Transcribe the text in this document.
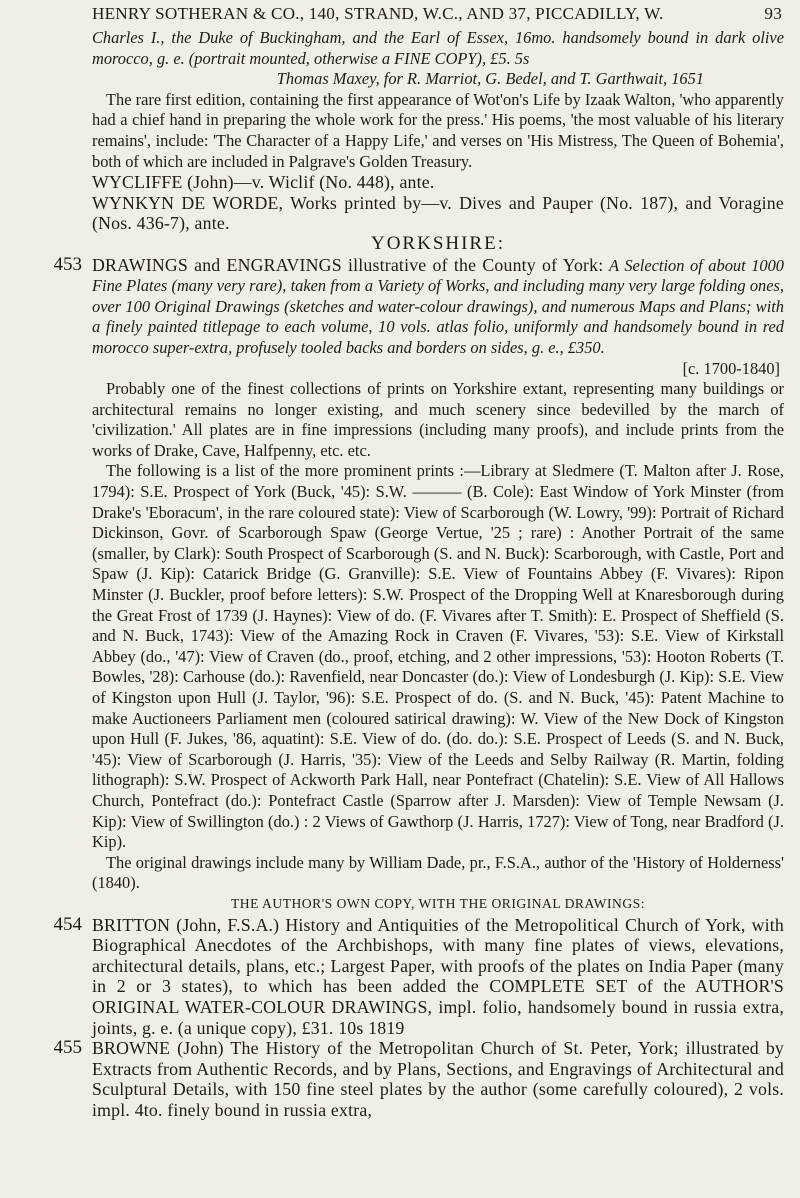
HENRY SOTHERAN & CO., 140, STRAND, W.C., AND 37, PICCADILLY, W.	93

Charles I., the Duke of Buckingham, and the Earl of Essex, 16mo. handsomely bound in dark olive morocco, g. e. (portrait mounted, otherwise a FINE COPY), £5. 5s

Thomas Maxey, for R. Marriot, G. Bedel, and T. Garthwait, 1651

The rare first edition, containing the first appearance of Wot'on's Life by Izaak Walton, 'who apparently had a chief hand in preparing the whole work for the press.' His poems, 'the most valuable of his literary remains', include: 'The Character of a Happy Life,' and verses on 'His Mistress, The Queen of Bohemia', both of which are included in Palgrave's Golden Treasury.

WYCLIFFE (John)—v. Wiclif (No. 448), ante.

WYNKYN DE WORDE, Works printed by—v. Dives and Pauper (No. 187), and Voragine (Nos. 436-7), ante.

YORKSHIRE:

453 DRAWINGS and ENGRAVINGS illustrative of the County of York: A Selection of about 1000 Fine Plates (many very rare), taken from a Variety of Works, and including many very large folding ones, over 100 Original Drawings (sketches and water-colour drawings), and numerous Maps and Plans; with a finely painted titlepage to each volume, 10 vols. atlas folio, uniformly and handsomely bound in red morocco super-extra, profusely tooled backs and borders on sides, g. e., £350.

[c. 1700-1840]

Probably one of the finest collections of prints on Yorkshire extant, representing many buildings or architectural remains no longer existing, and much scenery since bedevilled by the march of 'civilization.' All plates are in fine impressions (including many proofs), and include prints from the works of Drake, Cave, Halfpenny, etc. etc.

The following is a list of the more prominent prints :—Library at Sledmere (T. Malton after J. Rose, 1794): S.E. Prospect of York (Buck, '45): S.W. ——— (B. Cole): East Window of York Minster (from Drake's 'Eboracum', in the rare coloured state): View of Scarborough (W. Lowry, '99): Portrait of Richard Dickinson, Govr. of Scarborough Spaw (George Vertue, '25 ; rare) : Another Portrait of the same (smaller, by Clark): South Prospect of Scarborough (S. and N. Buck): Scarborough, with Castle, Port and Spaw (J. Kip): Catarick Bridge (G. Granville): S.E. View of Fountains Abbey (F. Vivares): Ripon Minster (J. Buckler, proof before letters): S.W. Prospect of the Dropping Well at Knaresborough during the Great Frost of 1739 (J. Haynes): View of do. (F. Vivares after T. Smith): E. Prospect of Sheffield (S. and N. Buck, 1743): View of the Amazing Rock in Craven (F. Vivares, '53): S.E. View of Kirkstall Abbey (do., '47): View of Craven (do., proof, etching, and 2 other impressions, '53): Hooton Roberts (T. Bowles, '28): Carhouse (do.): Ravenfield, near Doncaster (do.): View of Londesburgh (J. Kip): S.E. View of Kingston upon Hull (J. Taylor, '96): S.E. Prospect of do. (S. and N. Buck, '45): Patent Machine to make Auctioneers Parliament men (coloured satirical drawing): W. View of the New Dock of Kingston upon Hull (F. Jukes, '86, aquatint): S.E. View of do. (do. do.): S.E. Prospect of Leeds (S. and N. Buck, '45): View of Scarborough (J. Harris, '35): View of the Leeds and Selby Railway (R. Martin, folding lithograph): S.W. Prospect of Ackworth Park Hall, near Pontefract (Chatelin): S.E. View of All Hallows Church, Pontefract (do.): Pontefract Castle (Sparrow after J. Marsden): View of Temple Newsam (J. Kip): View of Swillington (do.) : 2 Views of Gawthorp (J. Harris, 1727): View of Tong, near Bradford (J. Kip).

The original drawings include many by William Dade, pr., F.S.A., author of the 'History of Holderness' (1840).

THE AUTHOR'S OWN COPY, WITH THE ORIGINAL DRAWINGS:

454 BRITTON (John, F.S.A.) History and Antiquities of the Metropolitical Church of York, with Biographical Anecdotes of the Archbishops, with many fine plates of views, elevations, architectural details, plans, etc.; Largest Paper, with proofs of the plates on India Paper (many in 2 or 3 states), to which has been added the COMPLETE SET of the AUTHOR'S ORIGINAL WATER-COLOUR DRAWINGS, impl. folio, handsomely bound in russia extra, joints, g. e. (a unique copy), £31. 10s 1819

455 BROWNE (John) The History of the Metropolitan Church of St. Peter, York; illustrated by Extracts from Authentic Records, and by Plans, Sections, and Engravings of Architectural and Sculptural Details, with 150 fine steel plates by the author (some carefully coloured), 2 vols. impl. 4to. finely bound in russia extra,
